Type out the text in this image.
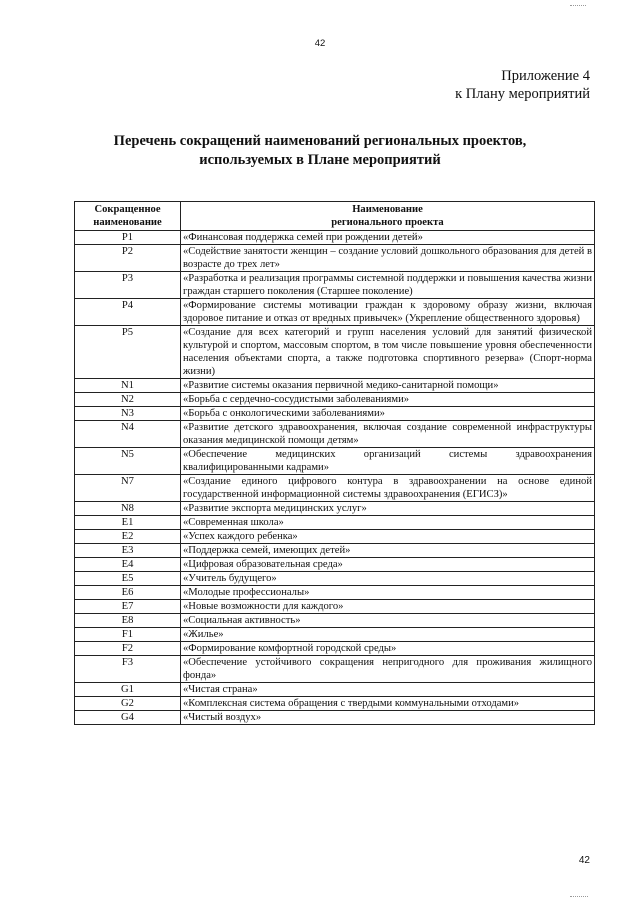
42
Приложение 4
к Плану мероприятий
Перечень сокращений наименований региональных проектов,
используемых в Плане мероприятий
Сокращенное
наименование	Наименование
регионального проекта

P1	«Финансовая поддержка семей при рождении детей»
P2	«Содействие занятости женщин – создание условий дошкольного образования для детей в возрасте до трех лет»
P3	«Разработка и реализация программы системной поддержки и повышения качества жизни граждан старшего поколения (Старшее поколение)
P4	«Формирование системы мотивации граждан к здоровому образу жизни, включая здоровое питание и отказ от вредных привычек» (Укрепление общественного здоровья)
P5	«Создание для всех категорий и групп населения условий для занятий физической культурой и спортом, массовым спортом, в том числе повышение уровня обеспеченности населения объектами спорта, а также подготовка спортивного резерва» (Спорт-норма жизни)
N1	«Развитие системы оказания первичной медико-санитарной помощи»
N2	«Борьба с сердечно-сосудистыми заболеваниями»
N3	«Борьба с онкологическими заболеваниями»
N4	«Развитие детского здравоохранения, включая создание современной инфраструктуры оказания медицинской помощи детям»
N5	«Обеспечение медицинских организаций системы здравоохранения квалифицированными кадрами»
N7	«Создание единого цифрового контура в здравоохранении на основе единой государственной информационной системы здравоохранения (ЕГИСЗ)»
N8	«Развитие экспорта медицинских услуг»
E1	«Современная школа»
E2	«Успех каждого ребенка»
E3	«Поддержка семей, имеющих детей»
E4	«Цифровая образовательная среда»
E5	«Учитель будущего»
E6	«Молодые профессионалы»
E7	«Новые возможности для каждого»
E8	«Социальная активность»
F1	«Жилье»
F2	«Формирование комфортной городской среды»
F3	«Обеспечение устойчивого сокращения непригодного для проживания жилищного фонда»
G1	«Чистая страна»
G2	«Комплексная система обращения с твердыми коммунальными отходами»
G4	«Чистый воздух»
42
